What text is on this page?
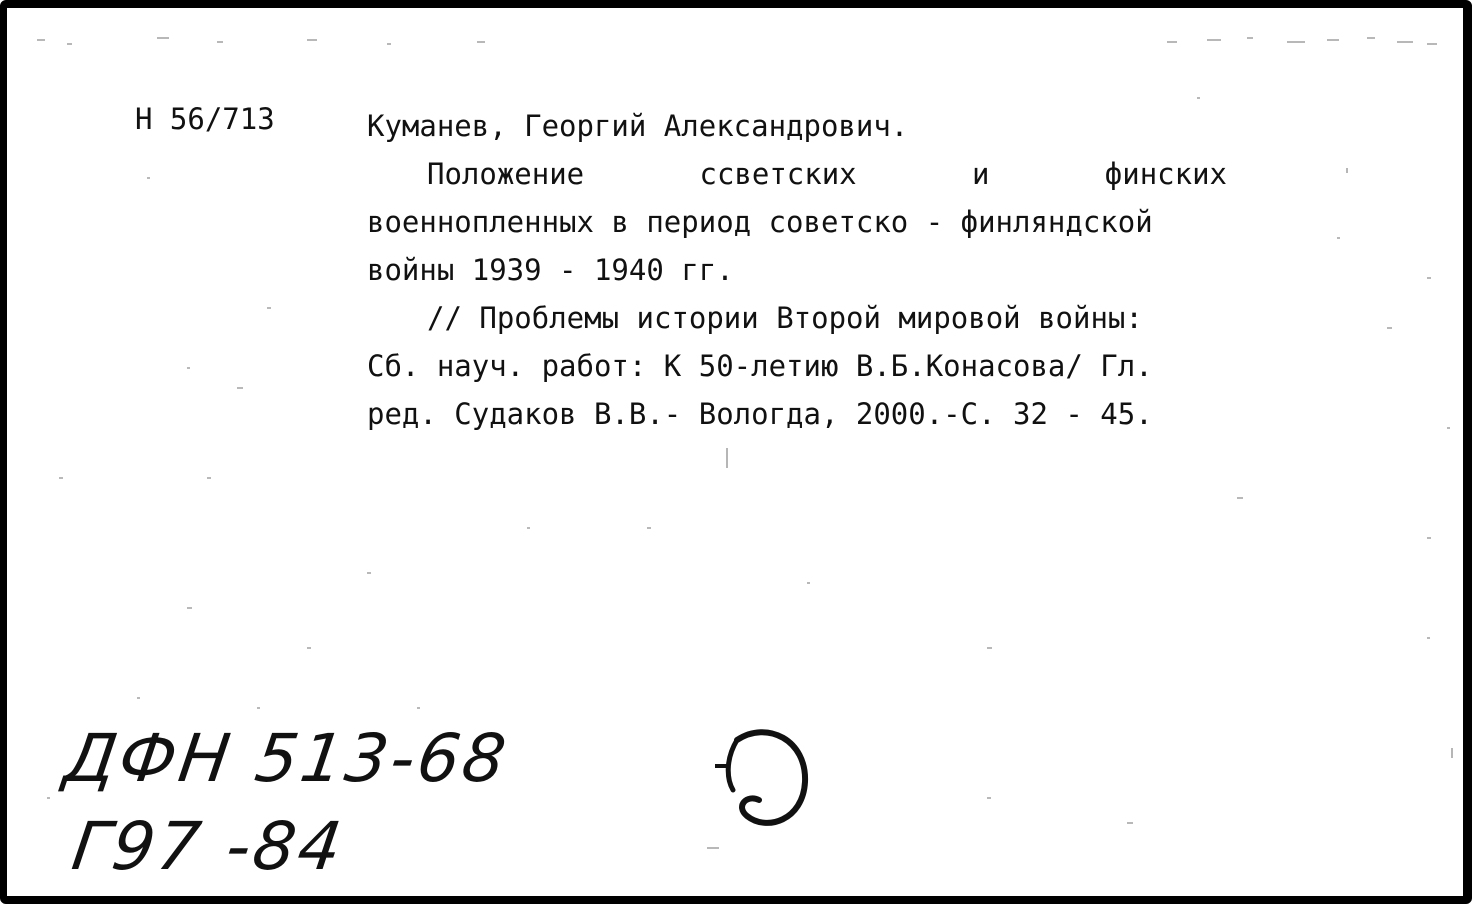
Н 56/713	Куманев, Георгий Александрович.
Положение	ссветских	и	финских
военнопленных в период советско - финляндской
войны 1939 - 1940 гг.
// Проблемы истории Второй мировой войны:
Сб. науч. работ: К 50-летию В.Б.Конасова/ Гл.
ред. Судаков В.В.- Вологда, 2000.-С. 32 - 45.
ДФН 513-68
Г97 -84
